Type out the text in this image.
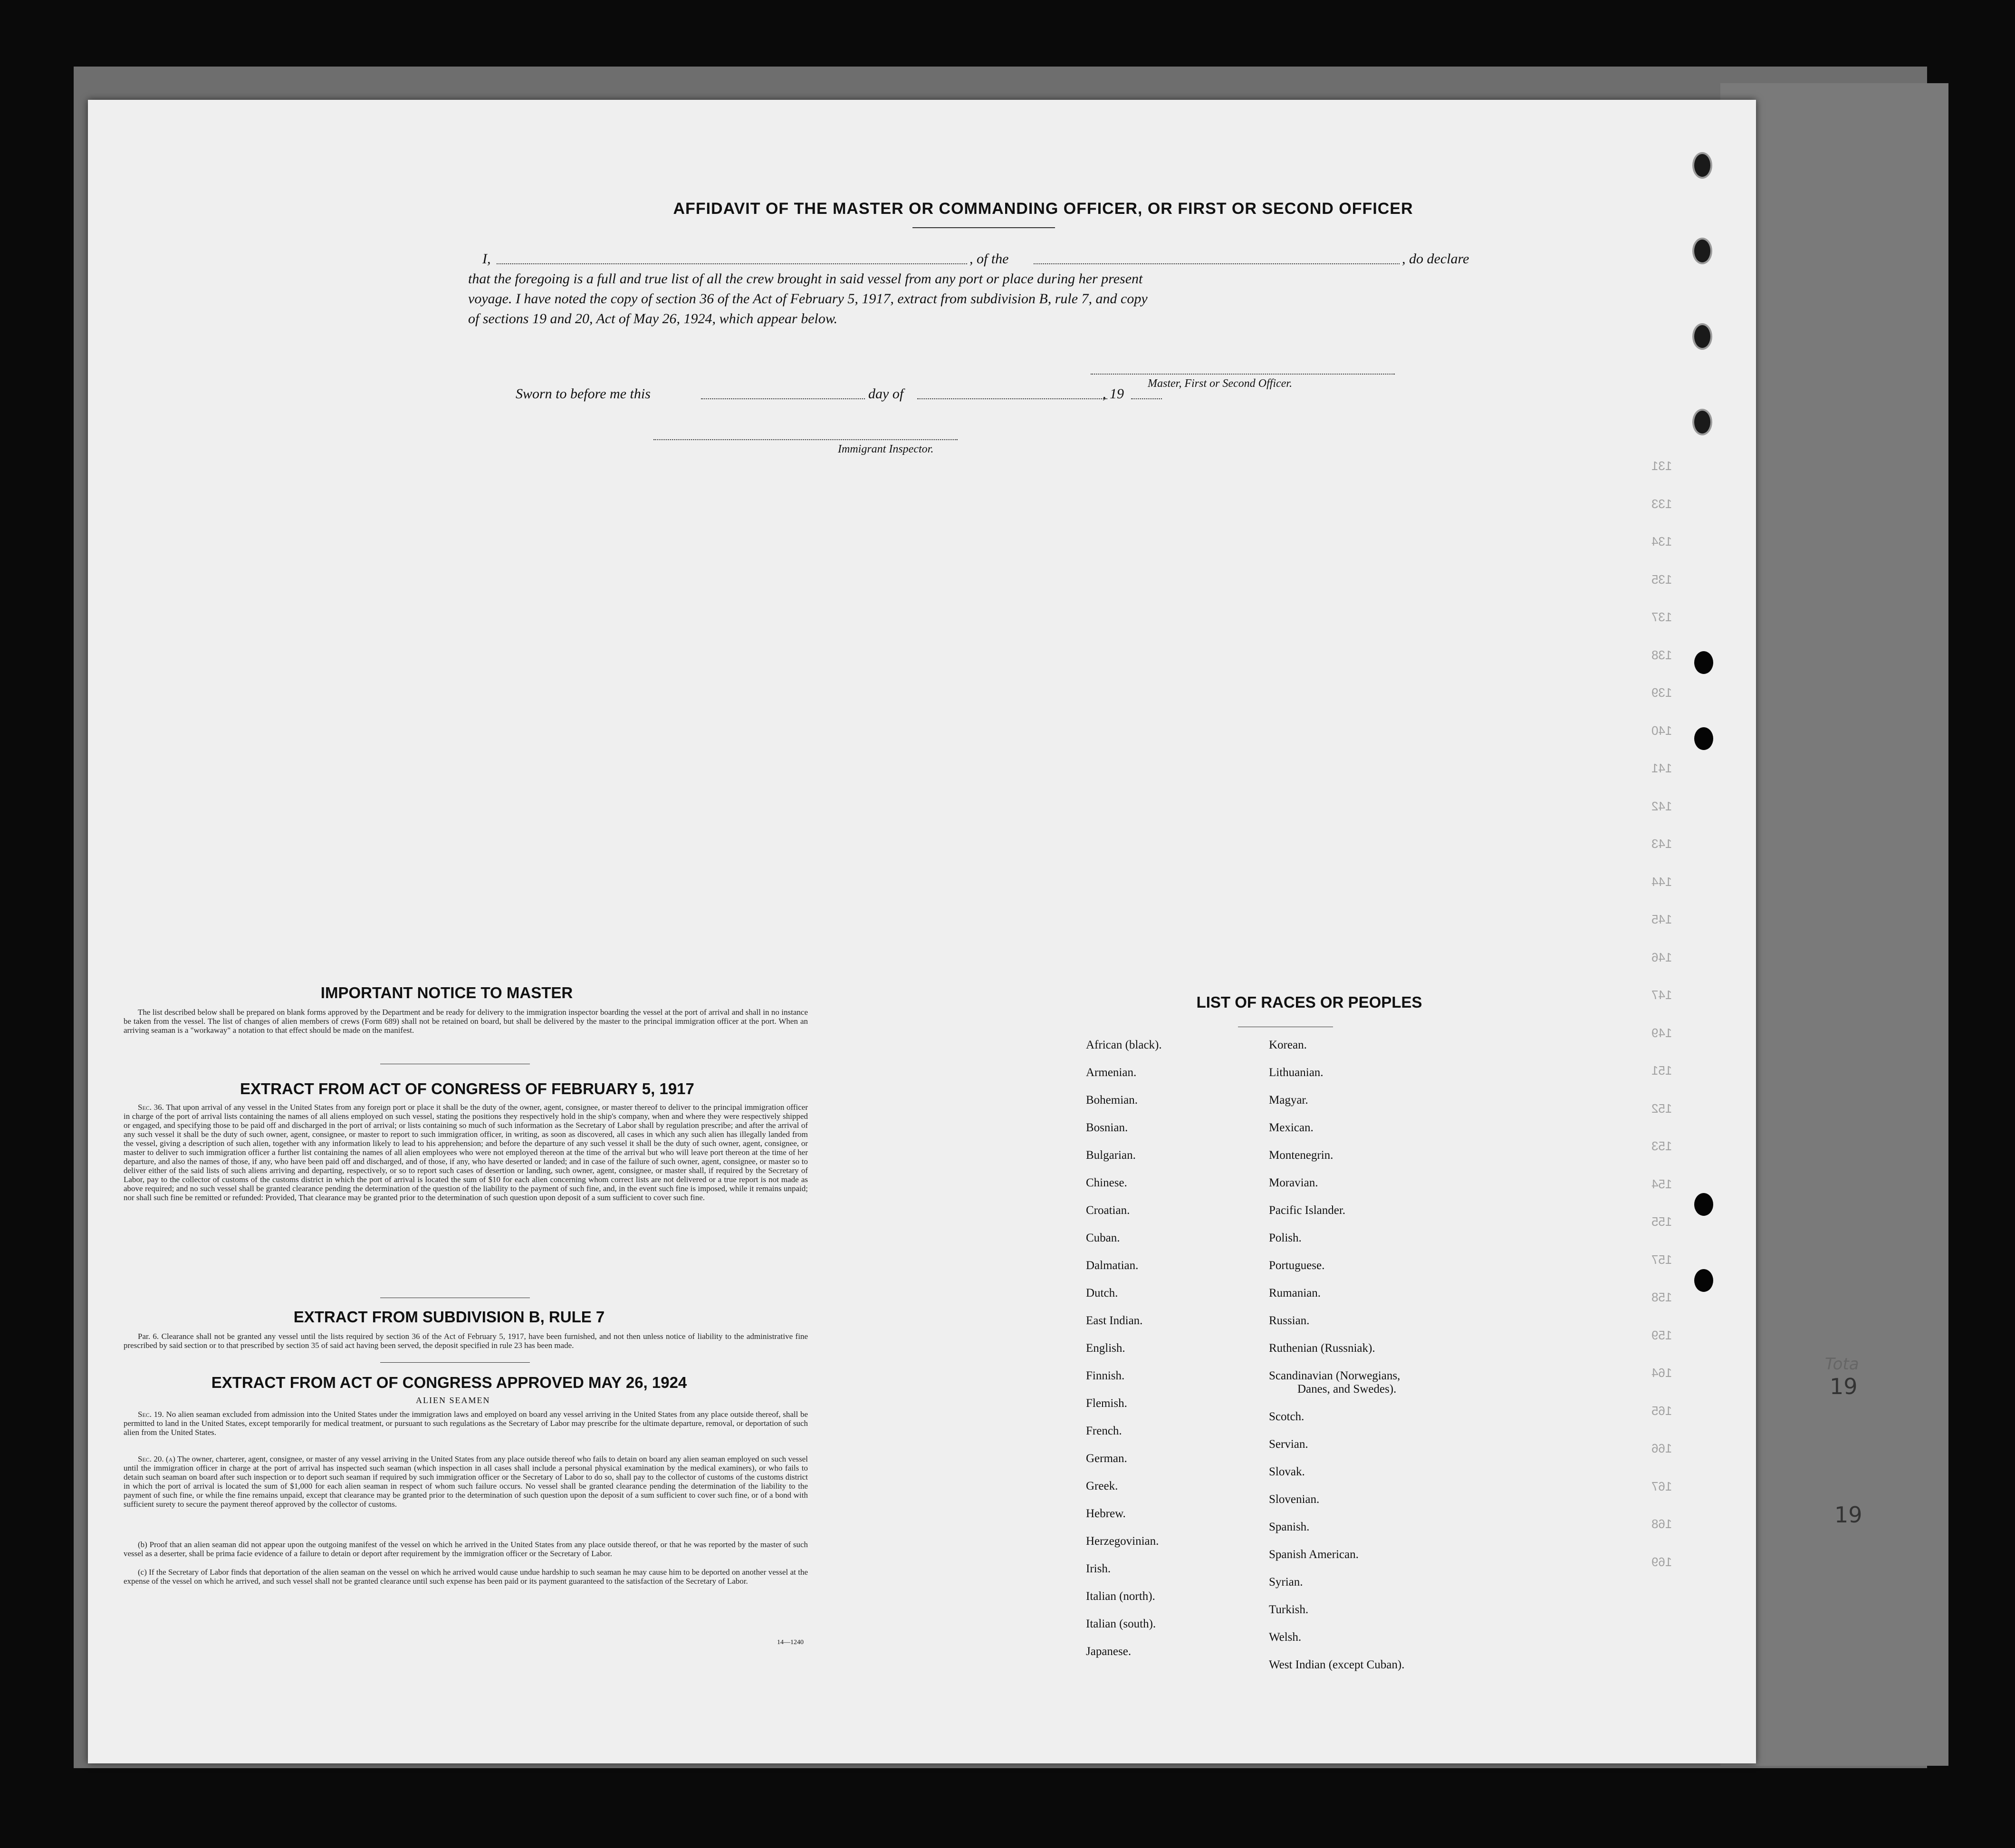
131
133
134
135
137
138
139
140
141
142
143
144
145
146
147
149
151
152
153
154
155
157
158
159
164
165
166
167
168
169
AFFIDAVIT OF THE MASTER OR COMMANDING OFFICER, OR FIRST OR SECOND OFFICER
I,	, of the	, do declare
that the foregoing is a full and true list of all the crew brought in said vessel from any port or place during her present
voyage. I have noted the copy of section 36 of the Act of February 5, 1917, extract from subdivision B, rule 7, and copy
of sections 19 and 20, Act of May 26, 1924, which appear below.
Master, First or Second Officer.
Sworn to before me this	day of	, 19
Immigrant Inspector.
IMPORTANT NOTICE TO MASTER
The list described below shall be prepared on blank forms approved by the Department and be ready for delivery to the immigration inspector boarding the vessel at the port of arrival and shall in no instance be taken from the vessel. The list of changes of alien members of crews (Form 689) shall not be retained on board, but shall be delivered by the master to the principal immigration officer at the port. When an arriving seaman is a "workaway" a notation to that effect should be made on the manifest.
EXTRACT FROM ACT OF CONGRESS OF FEBRUARY 5, 1917
Sec. 36. That upon arrival of any vessel in the United States from any foreign port or place it shall be the duty of the owner, agent, consignee, or master thereof to deliver to the principal immigration officer in charge of the port of arrival lists containing the names of all aliens employed on such vessel, stating the positions they respectively hold in the ship's company, when and where they were respectively shipped or engaged, and specifying those to be paid off and discharged in the port of arrival; or lists containing so much of such information as the Secretary of Labor shall by regulation prescribe; and after the arrival of any such vessel it shall be the duty of such owner, agent, consignee, or master to report to such immigration officer, in writing, as soon as discovered, all cases in which any such alien has illegally landed from the vessel, giving a description of such alien, together with any information likely to lead to his apprehension; and before the departure of any such vessel it shall be the duty of such owner, agent, consignee, or master to deliver to such immigration officer a further list containing the names of all alien employees who were not employed thereon at the time of the arrival but who will leave port thereon at the time of her departure, and also the names of those, if any, who have been paid off and discharged, and of those, if any, who have deserted or landed; and in case of the failure of such owner, agent, consignee, or master so to deliver either of the said lists of such aliens arriving and departing, respectively, or so to report such cases of desertion or landing, such owner, agent, consignee, or master shall, if required by the Secretary of Labor, pay to the collector of customs of the customs district in which the port of arrival is located the sum of $10 for each alien concerning whom correct lists are not delivered or a true report is not made as above required; and no such vessel shall be granted clearance pending the determination of the question of the liability to the payment of such fine, and, in the event such fine is imposed, while it remains unpaid; nor shall such fine be remitted or refunded: Provided, That clearance may be granted prior to the determination of such question upon deposit of a sum sufficient to cover such fine.
EXTRACT FROM SUBDIVISION B, RULE 7
Par. 6. Clearance shall not be granted any vessel until the lists required by section 36 of the Act of February 5, 1917, have been furnished, and not then unless notice of liability to the administrative fine prescribed by said section or to that prescribed by section 35 of said act having been served, the deposit specified in rule 23 has been made.
EXTRACT FROM ACT OF CONGRESS APPROVED MAY 26, 1924
ALIEN SEAMEN
Sec. 19. No alien seaman excluded from admission into the United States under the immigration laws and employed on board any vessel arriving in the United States from any place outside thereof, shall be permitted to land in the United States, except temporarily for medical treatment, or pursuant to such regulations as the Secretary of Labor may prescribe for the ultimate departure, removal, or deportation of such alien from the United States.
Sec. 20. (a) The owner, charterer, agent, consignee, or master of any vessel arriving in the United States from any place outside thereof who fails to detain on board any alien seaman employed on such vessel until the immigration officer in charge at the port of arrival has inspected such seaman (which inspection in all cases shall include a personal physical examination by the medical examiners), or who fails to detain such seaman on board after such inspection or to deport such seaman if required by such immigration officer or the Secretary of Labor to do so, shall pay to the collector of customs of the customs district in which the port of arrival is located the sum of $1,000 for each alien seaman in respect of whom such failure occurs. No vessel shall be granted clearance pending the determination of the liability to the payment of such fine, or while the fine remains unpaid, except that clearance may be granted prior to the determination of such question upon the deposit of a sum sufficient to cover such fine, or of a bond with sufficient surety to secure the payment thereof approved by the collector of customs.
(b) Proof that an alien seaman did not appear upon the outgoing manifest of the vessel on which he arrived in the United States from any place outside thereof, or that he was reported by the master of such vessel as a deserter, shall be prima facie evidence of a failure to detain or deport after requirement by the immigration officer or the Secretary of Labor.
(c) If the Secretary of Labor finds that deportation of the alien seaman on the vessel on which he arrived would cause undue hardship to such seaman he may cause him to be deported on another vessel at the expense of the vessel on which he arrived, and such vessel shall not be granted clearance until such expense has been paid or its payment guaranteed to the satisfaction of the Secretary of Labor.
14—1240
LIST OF RACES OR PEOPLES
African (black).
Armenian.
Bohemian.
Bosnian.
Bulgarian.
Chinese.
Croatian.
Cuban.
Dalmatian.
Dutch.
East Indian.
English.
Finnish.
Flemish.
French.
German.
Greek.
Hebrew.
Herzegovinian.
Irish.
Italian (north).
Italian (south).
Japanese.
Korean.
Lithuanian.
Magyar.
Mexican.
Montenegrin.
Moravian.
Pacific Islander.
Polish.
Portuguese.
Rumanian.
Russian.
Ruthenian (Russniak).
Scandinavian (Norwegians,
Danes, and Swedes).
Scotch.
Servian.
Slovak.
Slovenian.
Spanish.
Spanish American.
Syrian.
Turkish.
Welsh.
West Indian (except Cuban).
Tota
19
19
